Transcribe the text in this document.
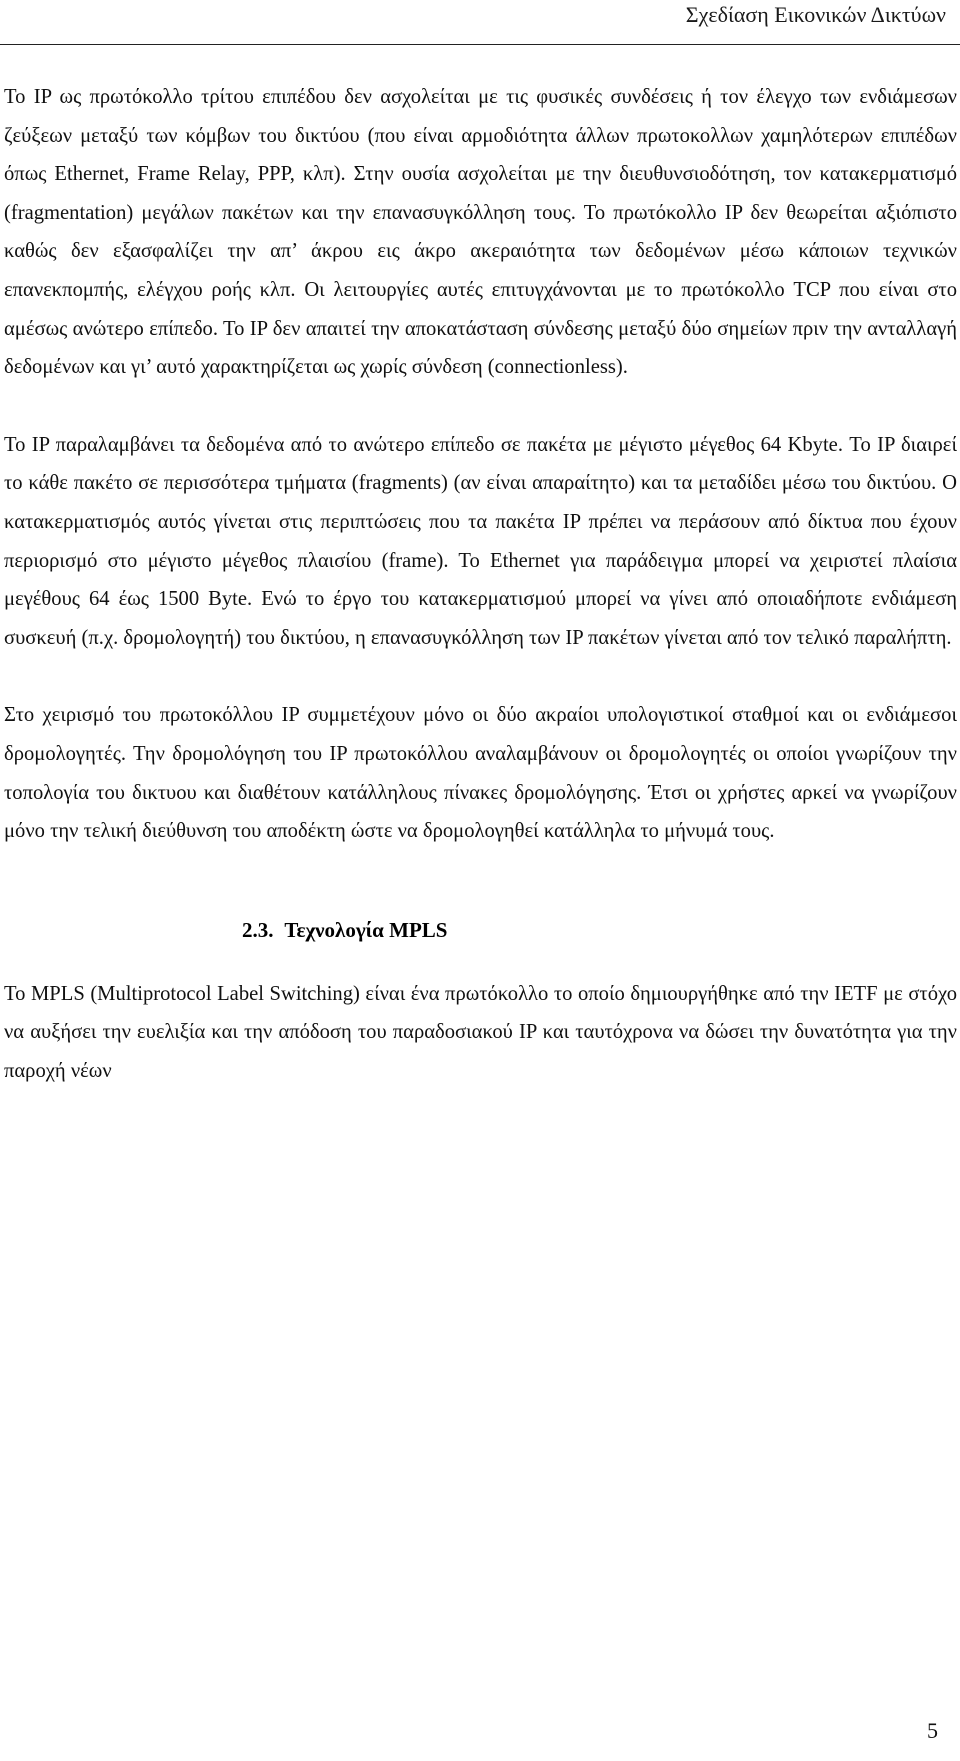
Σχεδίαση Εικονικών Δικτύων

Το IP ως πρωτόκολλο τρίτου επιπέδου δεν ασχολείται με τις φυσικές συνδέσεις ή τον έλεγχο των ενδιάμεσων ζεύξεων μεταξύ των κόμβων του δικτύου (που είναι αρμοδιότητα άλλων πρωτοκολλων χαμηλότερων επιπέδων όπως Ethernet, Frame Relay, PPP, κλπ). Στην ουσία ασχολείται με την διευθυνσιοδότηση, τον κατακερματισμό (fragmentation) μεγάλων πακέτων και την επανασυγκόλληση τους. Το πρωτόκολλο IP δεν θεωρείται αξιόπιστο καθώς δεν εξασφαλίζει την απ’ άκρου εις άκρο ακεραιότητα των δεδομένων μέσω κάποιων τεχνικών επανεκπομπής, ελέγχου ροής κλπ. Οι λειτουργίες αυτές επιτυγχάνονται με το πρωτόκολλο TCP που είναι στο αμέσως ανώτερο επίπεδο. Το IP δεν απαιτεί την αποκατάσταση σύνδεσης μεταξύ δύο σημείων πριν την ανταλλαγή δεδομένων και γι’ αυτό χαρακτηρίζεται ως χωρίς σύνδεση (connectionless).

Το IP παραλαμβάνει τα δεδομένα από το ανώτερο επίπεδο σε πακέτα με μέγιστο μέγεθος 64 Kbyte. Το IP διαιρεί το κάθε πακέτο σε περισσότερα τμήματα (fragments) (αν είναι απαραίτητο) και τα μεταδίδει μέσω του δικτύου. Ο κατακερματισμός αυτός γίνεται στις περιπτώσεις που τα πακέτα IP πρέπει να περάσουν από δίκτυα που έχουν περιορισμό στο μέγιστο μέγεθος πλαισίου (frame). Το Ethernet για παράδειγμα μπορεί να χειριστεί πλαίσια μεγέθους 64 έως 1500 Byte. Ενώ το έργο του κατακερματισμού μπορεί να γίνει από οποιαδήποτε ενδιάμεση συσκευή (π.χ. δρομολογητή) του δικτύου, η επανασυγκόλληση των IP πακέτων γίνεται από τον τελικό παραλήπτη.

Στο χειρισμό του πρωτοκόλλου IP συμμετέχουν μόνο οι δύο ακραίοι υπολογιστικοί σταθμοί και οι ενδιάμεσοι δρομολογητές. Την δρομολόγηση του IP πρωτοκόλλου αναλαμβάνουν οι δρομολογητές οι οποίοι γνωρίζουν την τοπολογία του δικτυου και διαθέτουν κατάλληλους πίνακες δρομολόγησης. Έτσι οι χρήστες αρκεί να γνωρίζουν μόνο την τελική διεύθυνση του αποδέκτη ώστε να δρομολογηθεί κατάλληλα το μήνυμά τους.

2.3. Τεχνολογία MPLS

Το MPLS (Multiprotocol Label Switching) είναι ένα πρωτόκολλο το οποίο δημιουργήθηκε από την IETF με στόχο να αυξήσει την ευελιξία και την απόδοση του παραδοσιακού IP και ταυτόχρονα να δώσει την δυνατότητα για την παροχή νέων

5
